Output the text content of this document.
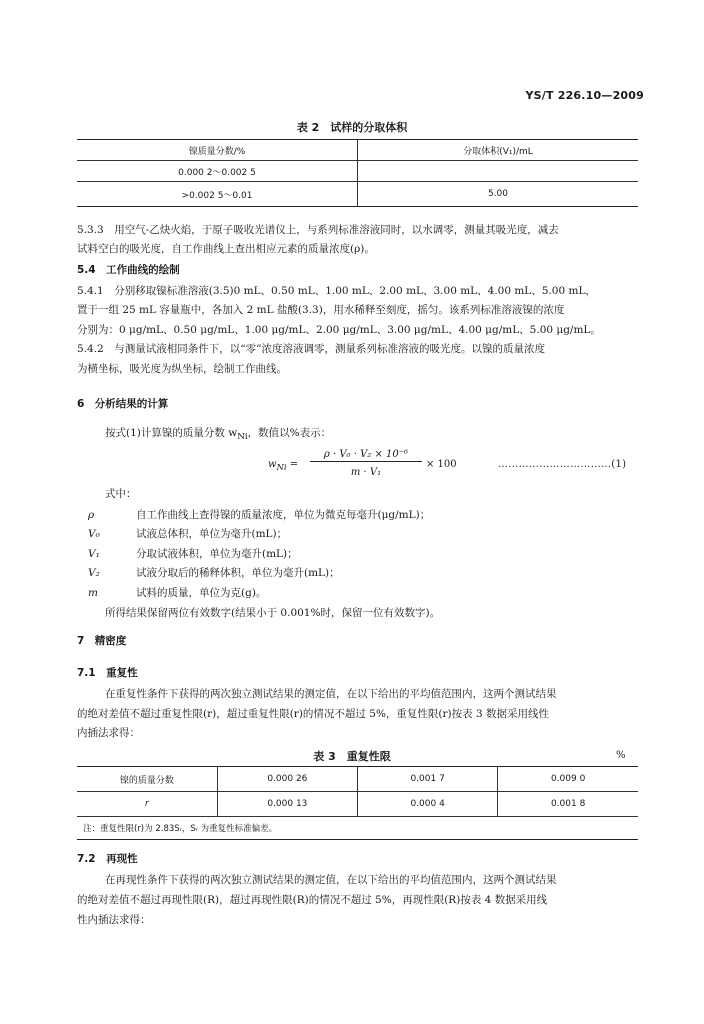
YS/T 226.10—2009
表 2　试样的分取体积
镍质量分数/%	分取体积(V₁)/mL
0.000 2～0.002 5	
>0.002 5～0.01	5.00
5.3.3　用空气-乙炔火焰，于原子吸收光谱仪上，与系列标准溶液同时，以水调零，测量其吸光度，减去
试料空白的吸光度，自工作曲线上查出相应元素的质量浓度(ρ)。
5.4　工作曲线的绘制
5.4.1　分别移取镍标准溶液(3.5)0 mL、0.50 mL、1.00 mL、2.00 mL、3.00 mL、4.00 mL、5.00 mL，
置于一组 25 mL 容量瓶中，各加入 2 mL 盐酸(3.3)，用水稀释至刻度，摇匀。该系列标准溶液镍的浓度
分别为：0 μg/mL、0.50 μg/mL、1.00 μg/mL、2.00 μg/mL、3.00 μg/mL、4.00 μg/mL、5.00 μg/mL。
5.4.2　与测量试液相同条件下，以“零”浓度溶液调零，测量系列标准溶液的吸光度。以镍的质量浓度
为横坐标，吸光度为纵坐标，绘制工作曲线。
6　分析结果的计算
按式(1)计算镍的质量分数 $w_{Ni}$，数值以%表示：
$w_{Ni}$ =
ρ · V₀ · V₂ × 10⁻⁶
m · V₁
× 100	……………………………(1)
式中：
ρ	自工作曲线上查得镍的质量浓度，单位为微克每毫升(μg/mL)；
V₀	试液总体积，单位为毫升(mL)；
V₁	分取试液体积，单位为毫升(mL)；
V₂	试液分取后的稀释体积，单位为毫升(mL)；
m	试料的质量，单位为克(g)。
所得结果保留两位有效数字(结果小于 0.001%时，保留一位有效数字)。
7　精密度
7.1　重复性
在重复性条件下获得的两次独立测试结果的测定值，在以下给出的平均值范围内，这两个测试结果
的绝对差值不超过重复性限(r)，超过重复性限(r)的情况不超过 5%，重复性限(r)按表 3 数据采用线性
内插法求得：
表 3　重复性限	%
镍的质量分数	0.000 26	0.001 7	0.009 0
r	0.000 13	0.000 4	0.001 8
注：重复性限(r)为 2.83Sᵣ，Sᵣ 为重复性标准偏差。			
7.2　再现性
在再现性条件下获得的两次独立测试结果的测定值，在以下给出的平均值范围内，这两个测试结果
的绝对差值不超过再现性限(R)，超过再现性限(R)的情况不超过 5%，再现性限(R)按表 4 数据采用线
性内插法求得：
